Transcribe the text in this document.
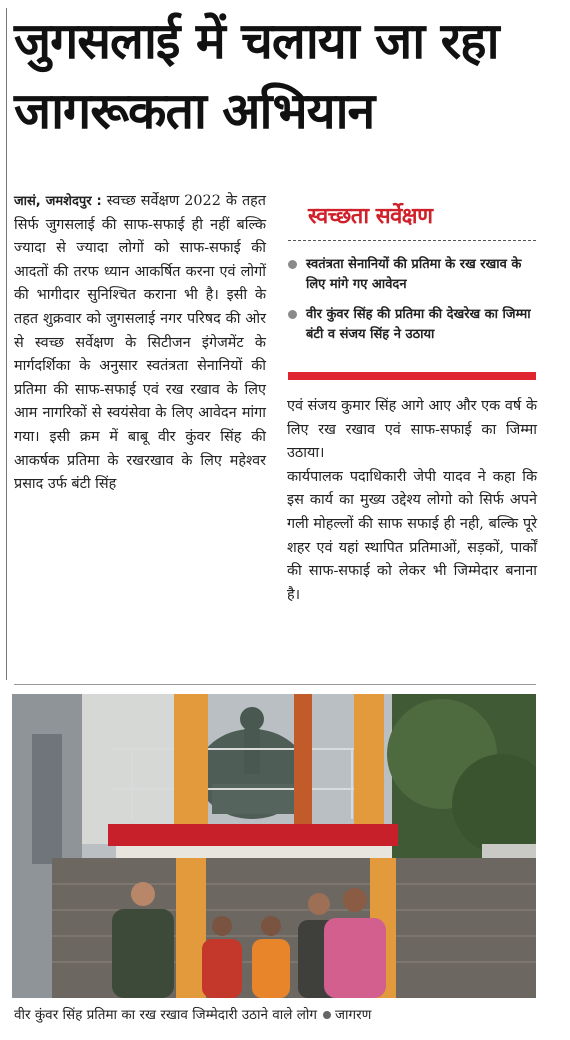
जुगसलाई में चलाया जा रहा जागरूकता अभियान

जासं, जमशेदपुर : स्वच्छ सर्वेक्षण 2022 के तहत सिर्फ जुगसलाई की साफ-सफाई ही नहीं बल्कि ज्यादा से ज्यादा लोगों को साफ-सफाई की आदतों की तरफ ध्यान आकर्षित करना एवं लोगों की भागीदार सुनिश्चित कराना भी है। इसी के तहत शुक्रवार को जुगसलाई नगर परिषद की ओर से स्वच्छ सर्वेक्षण के सिटीजन इंगेजमेंट के मार्गदर्शिका के अनुसार स्वतंत्रता सेनानियों की प्रतिमा की साफ-सफाई एवं रख रखाव के लिए आम नागरिकों से स्वयंसेवा के लिए आवेदन मांगा गया। इसी क्रम में बाबू वीर कुंवर सिंह की आकर्षक प्रतिमा के रखरखाव के लिए महेश्वर प्रसाद उर्फ बंटी सिंह

स्वच्छता सर्वेक्षण
स्वतंत्रता सेनानियों की प्रतिमा के रख रखाव के लिए मांगे गए आवेदन
वीर कुंवर सिंह की प्रतिमा की देखरेख का जिम्मा बंटी व संजय सिंह ने उठाया

एवं संजय कुमार सिंह आगे आए और एक वर्ष के लिए रख रखाव एवं साफ-सफाई का जिम्मा उठाया।

कार्यपालक पदाधिकारी जेपी यादव ने कहा कि इस कार्य का मुख्य उद्देश्य लोगो को सिर्फ अपने गली मोहल्लों की साफ सफाई ही नही, बल्कि पूरे शहर एवं यहां स्थापित प्रतिमाओं, सड़कों, पार्कों की साफ-सफाई को लेकर भी जिम्मेदार बनाना है।

वीर कुंवर सिंह प्रतिमा का रख रखाव जिम्मेदारी उठाने वाले लोग जागरण
